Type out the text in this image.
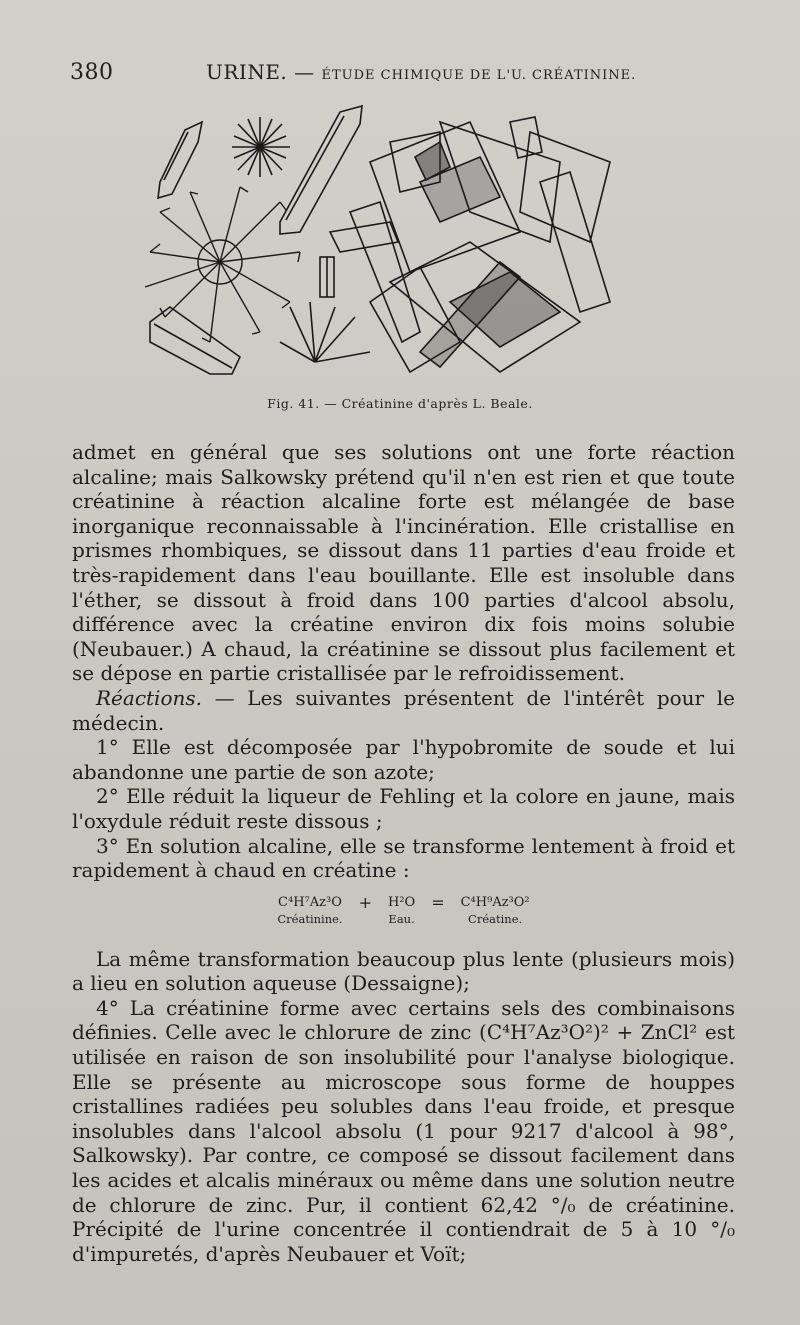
380	URINE. — ÉTUDE CHIMIQUE DE L'U. CRÉATININE.
Fig. 41. — Créatinine d'après L. Beale.

admet en général que ses solutions ont une forte réaction alcaline; mais Salkowsky prétend qu'il n'en est rien et que toute créatinine à réaction alcaline forte est mélangée de base inorganique reconnaissable à l'incinération. Elle cristallise en prismes rhombiques, se dissout dans 11 parties d'eau froide et très-rapidement dans l'eau bouillante. Elle est insoluble dans l'éther, se dissout à froid dans 100 parties d'alcool absolu, différence avec la créatine environ dix fois moins solubie (Neubauer.) A chaud, la créatinine se dissout plus facilement et se dépose en partie cristallisée par le refroidissement.

Réactions. — Les suivantes présentent de l'intérêt pour le médecin.

1° Elle est décomposée par l'hypobromite de soude et lui abandonne une partie de son azote;

2° Elle réduit la liqueur de Fehling et la colore en jaune, mais l'oxydule réduit reste dissous ;

3° En solution alcaline, elle se transforme lentement à froid et rapidement à chaud en créatine :

C⁴H⁷Az³O
Créatinine.
+	H²O
Eau.
=	C⁴H⁹Az³O²
Créatine.

La même transformation beaucoup plus lente (plusieurs mois) a lieu en solution aqueuse (Dessaigne);

4° La créatinine forme avec certains sels des combinaisons définies. Celle avec le chlorure de zinc (C⁴H⁷Az³O²)² + ZnCl² est utilisée en raison de son insolubilité pour l'analyse biologique. Elle se présente au microscope sous forme de houppes cristallines radiées peu solubles dans l'eau froide, et presque insolubles dans l'alcool absolu (1 pour 9217 d'alcool à 98°, Salkowsky). Par contre, ce composé se dissout facilement dans les acides et alcalis minéraux ou même dans une solution neutre de chlorure de zinc. Pur, il contient 62,42 °/₀ de créatinine. Précipité de l'urine concentrée il contiendrait de 5 à 10 °/₀ d'impuretés, d'après Neubauer et Voït;
